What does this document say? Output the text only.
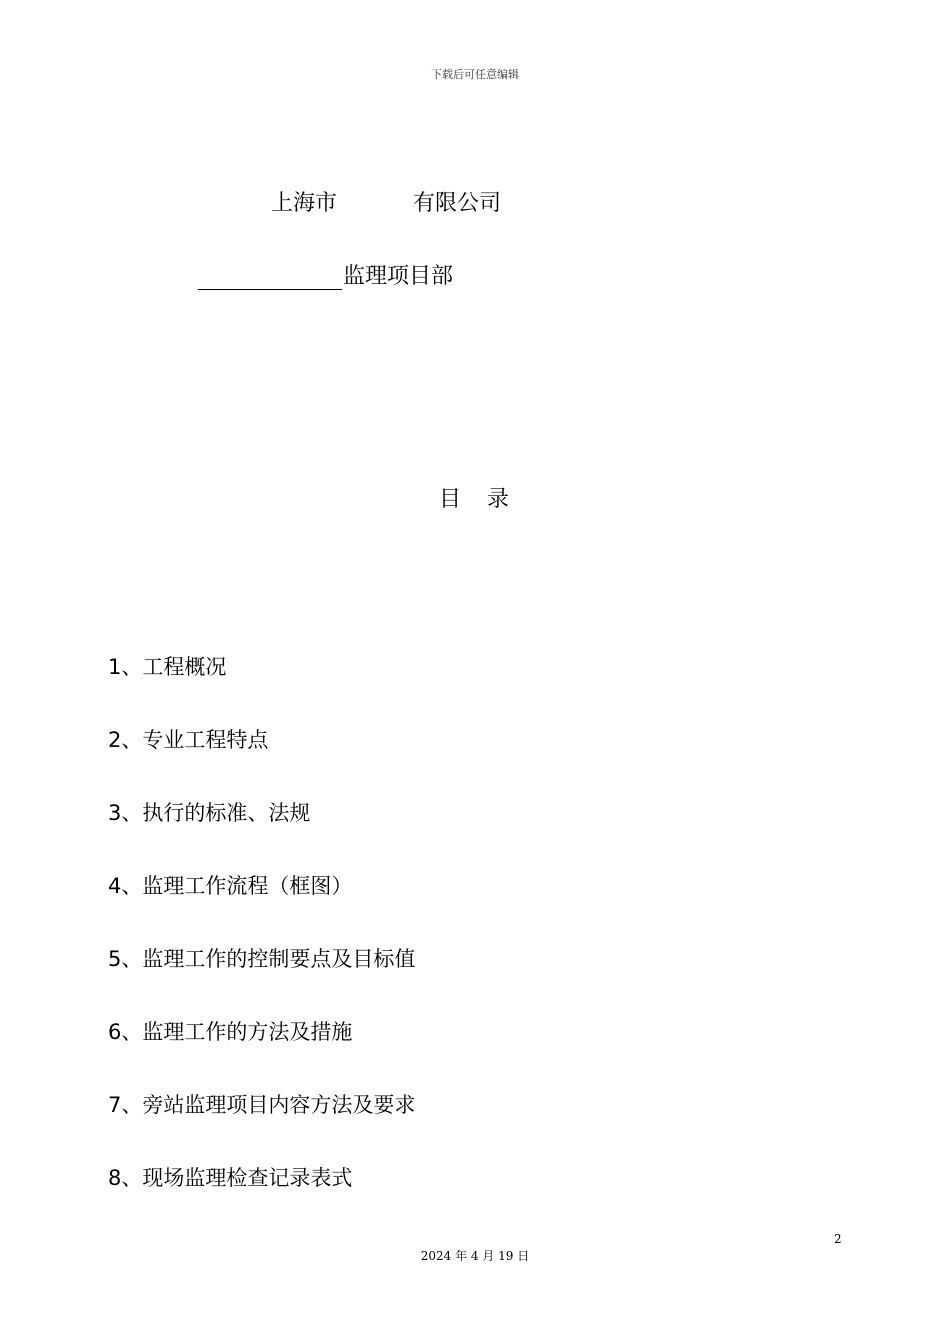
下载后可任意编辑
上海市	有限公司
监理项目部
目　录
1、工程概况
2、专业工程特点
3、执行的标准、法规
4、监理工作流程（框图）
5、监理工作的控制要点及目标值
6、监理工作的方法及措施
7、旁站监理项目内容方法及要求
8、现场监理检查记录表式
2
2024 年 4 月 19 日
